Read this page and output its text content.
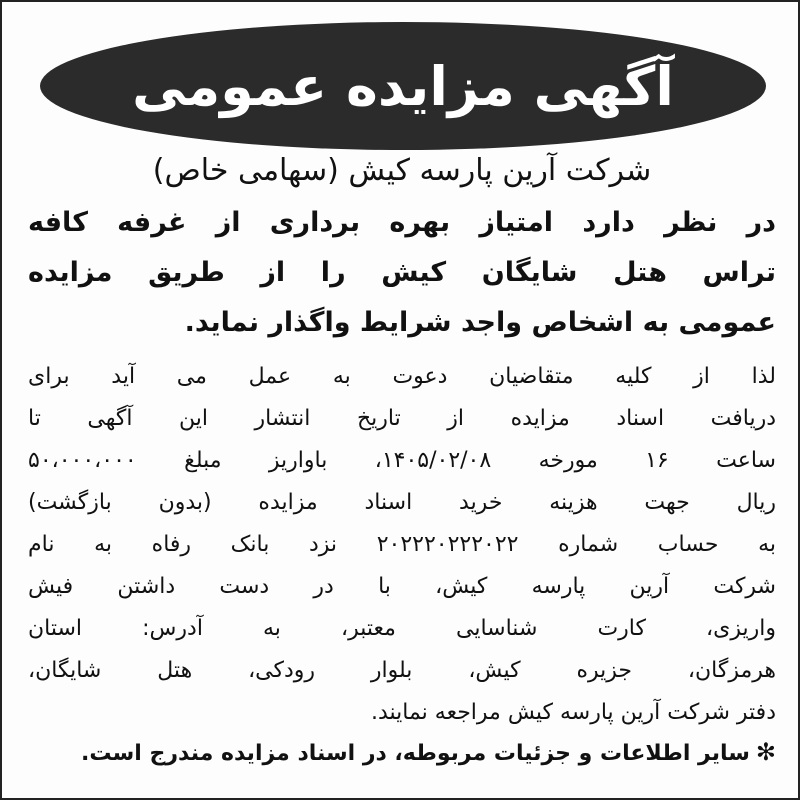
آگهی مزایده عمومی
شرکت آرین پارسه کیش (سهامی خاص)
در نظر دارد امتیاز بهره برداری از غرفه کافه
تراس هتل شایگان کیش را از طریق مزایده
عمومی به اشخاص واجد شرایط واگذار نماید.
لذا از کلیه متقاضیان دعوت به عمل می آید برای
دریافت اسناد مزایده از تاریخ انتشار این آگهی تا
ساعت ۱۶ مورخه ۱۴۰۵/۰۲/۰۸، باواریز مبلغ ۵۰،۰۰۰،۰۰۰
ریال جهت هزینه خرید اسناد مزایده (بدون بازگشت)
به حساب شماره ۲۰۲۲۲۰۲۲۲۰۲۲ نزد بانک رفاه به نام
شرکت آرین پارسه کیش، با در دست داشتن فیش
واریزی، کارت شناسایی معتبر، به آدرس: استان
هرمزگان، جزیره کیش، بلوار رودکی، هتل شایگان،
دفتر شرکت آرین پارسه کیش مراجعه نمایند.
✻سایر اطلاعات و جزئیات مربوطه، در اسناد مزایده مندرج است.
